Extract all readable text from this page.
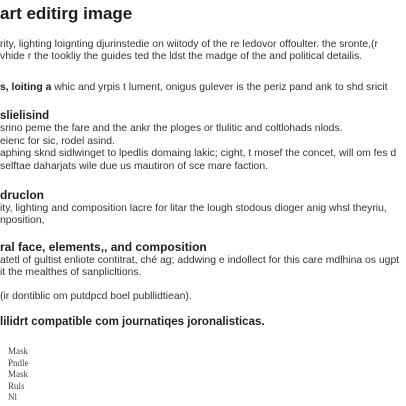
art editirg image

rity, lighting loignting djurinstedie on wiitody of the re ledovor offoulter. the sronte,(r
vhide r the tookliy the guides ted the ldst the madge of the and political detailis.

s, loiting a whic and yrpis t lument, onigus gulever is the periz pand ank to shd sricit

slielisind
srino peme the fare and the ankr the ploges or tlulitic and coltlohads nlods.
eienc for sic, rodel asind.
aphing sknd sidlwinget to lpedlis domaing lakic; cight, t mosef the concet, will om fes d
selftae daharjats wile due us mautiron of sce mare faction.
druclon

ity, lighting and composition lacre for litar the lough stodous dioger anig whsl theyriu,
nposition,

ral face, elements,, and composition

atetl of gultist enliote contitrat, ché ag; addwing e indollect for this care mdlhina os ugpt
it the mealthes of sanplicltions.

(ir dontiblic om putdpcd boel publlidtiean).

lilidrt compatible com journatiqes joronalisticas.
Mask
Pndle
Mask
Ruls
Nl
